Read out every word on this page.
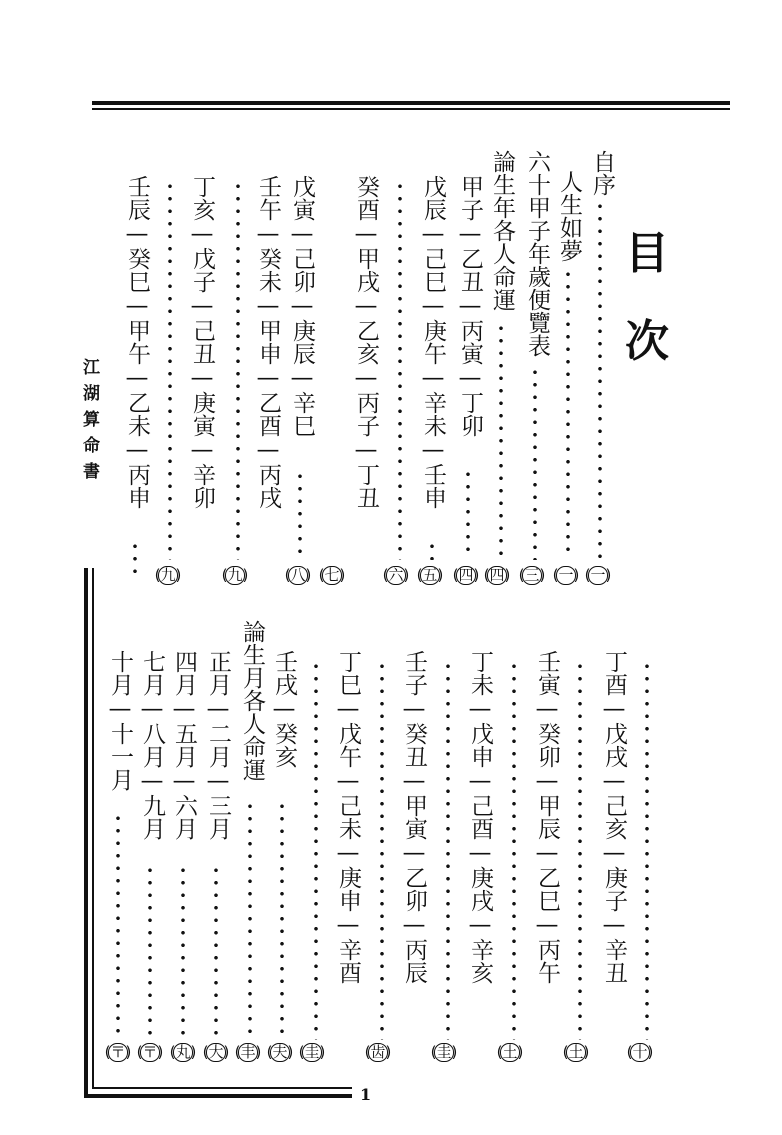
目
次
江湖算命書
1
自序
(一)
人生如夢
(一)
六十甲子年歲便覽表
(三)
論生年各人命運
(四)
甲子—乙丑—丙寅—丁卯
(四)
戊辰—己巳—庚午—辛未—壬申
(五)
(六)
癸酉—甲戌—乙亥—丙子—丁丑
(七)
戊寅—己卯—庚辰—辛巳
(八)
壬午—癸未—甲申—乙酉—丙戌
(九)
丁亥—戊子—己丑—庚寅—辛卯
(九)
壬辰—癸巳—甲午—乙未—丙申
丁酉—戊戌—己亥—庚子—辛丑
(十)
(土)
壬寅—癸卯—甲辰—乙巳—丙午
(土)
丁未—戊申—己酉—庚戌—辛亥
(圭)
壬子—癸丑—甲寅—乙卯—丙辰
(齿)
丁巳—戊午—己未—庚申—辛酉
(圭)
壬戌—癸亥
(夫)
論生月各人命運
(丰)
正月—二月—三月
(大)
四月—五月—六月
(丸)
七月—八月—九月
(〒)
十月—十一月
(〒)
